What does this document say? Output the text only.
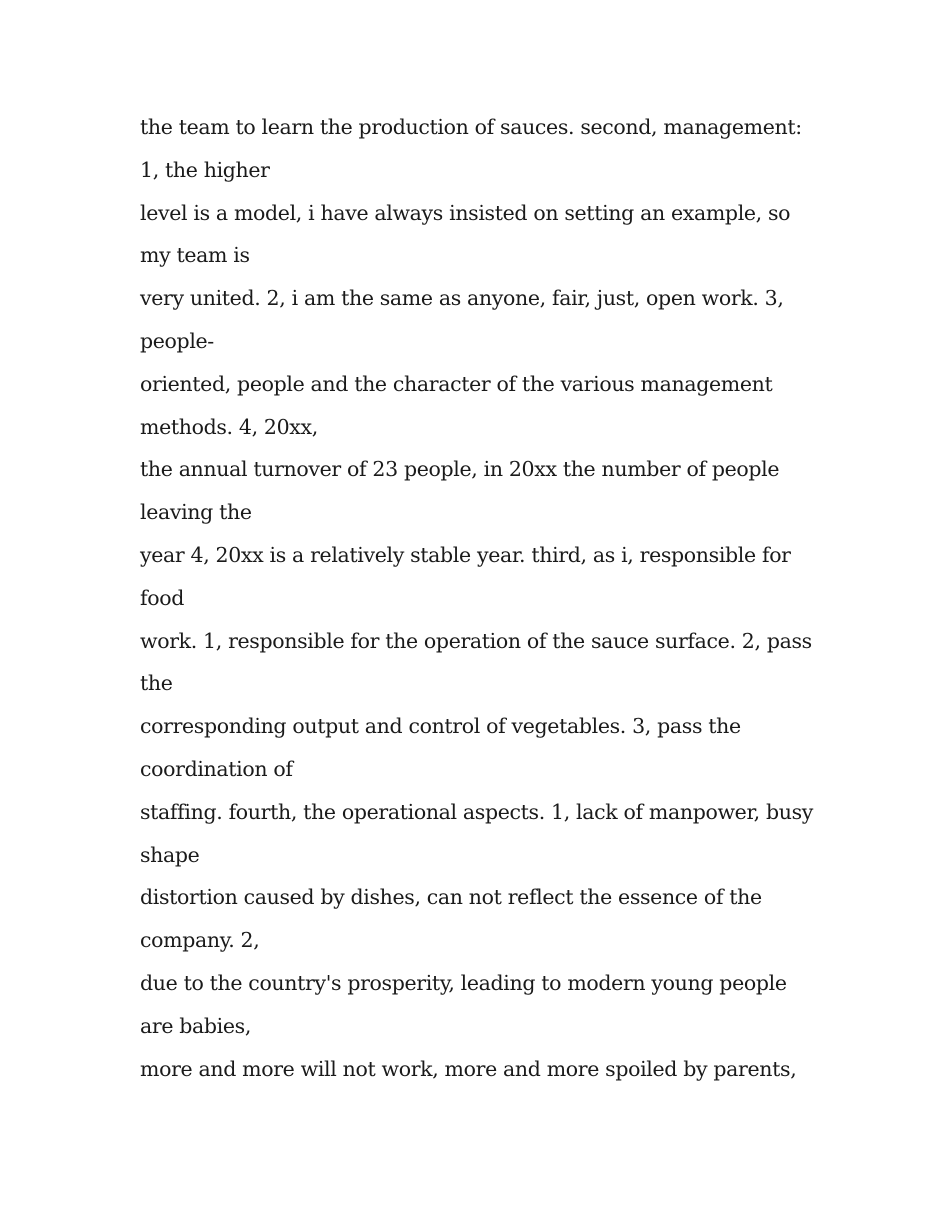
the team to learn the production of sauces. second, management:
1, the higher
level is a model, i have always insisted on setting an example, so
my team is
very united. 2, i am the same as anyone, fair, just, open work. 3,
people-
oriented, people and the character of the various management
methods. 4, 20xx,
the annual turnover of 23 people, in 20xx the number of people
leaving the
year 4, 20xx is a relatively stable year. third, as i, responsible for
food
work. 1, responsible for the operation of the sauce surface. 2, pass
the
corresponding output and control of vegetables. 3, pass the
coordination of
staffing. fourth, the operational aspects. 1, lack of manpower, busy
shape
distortion caused by dishes, can not reflect the essence of the
company. 2,
due to the country's prosperity, leading to modern young people
are babies,
more and more will not work, more and more spoiled by parents,
